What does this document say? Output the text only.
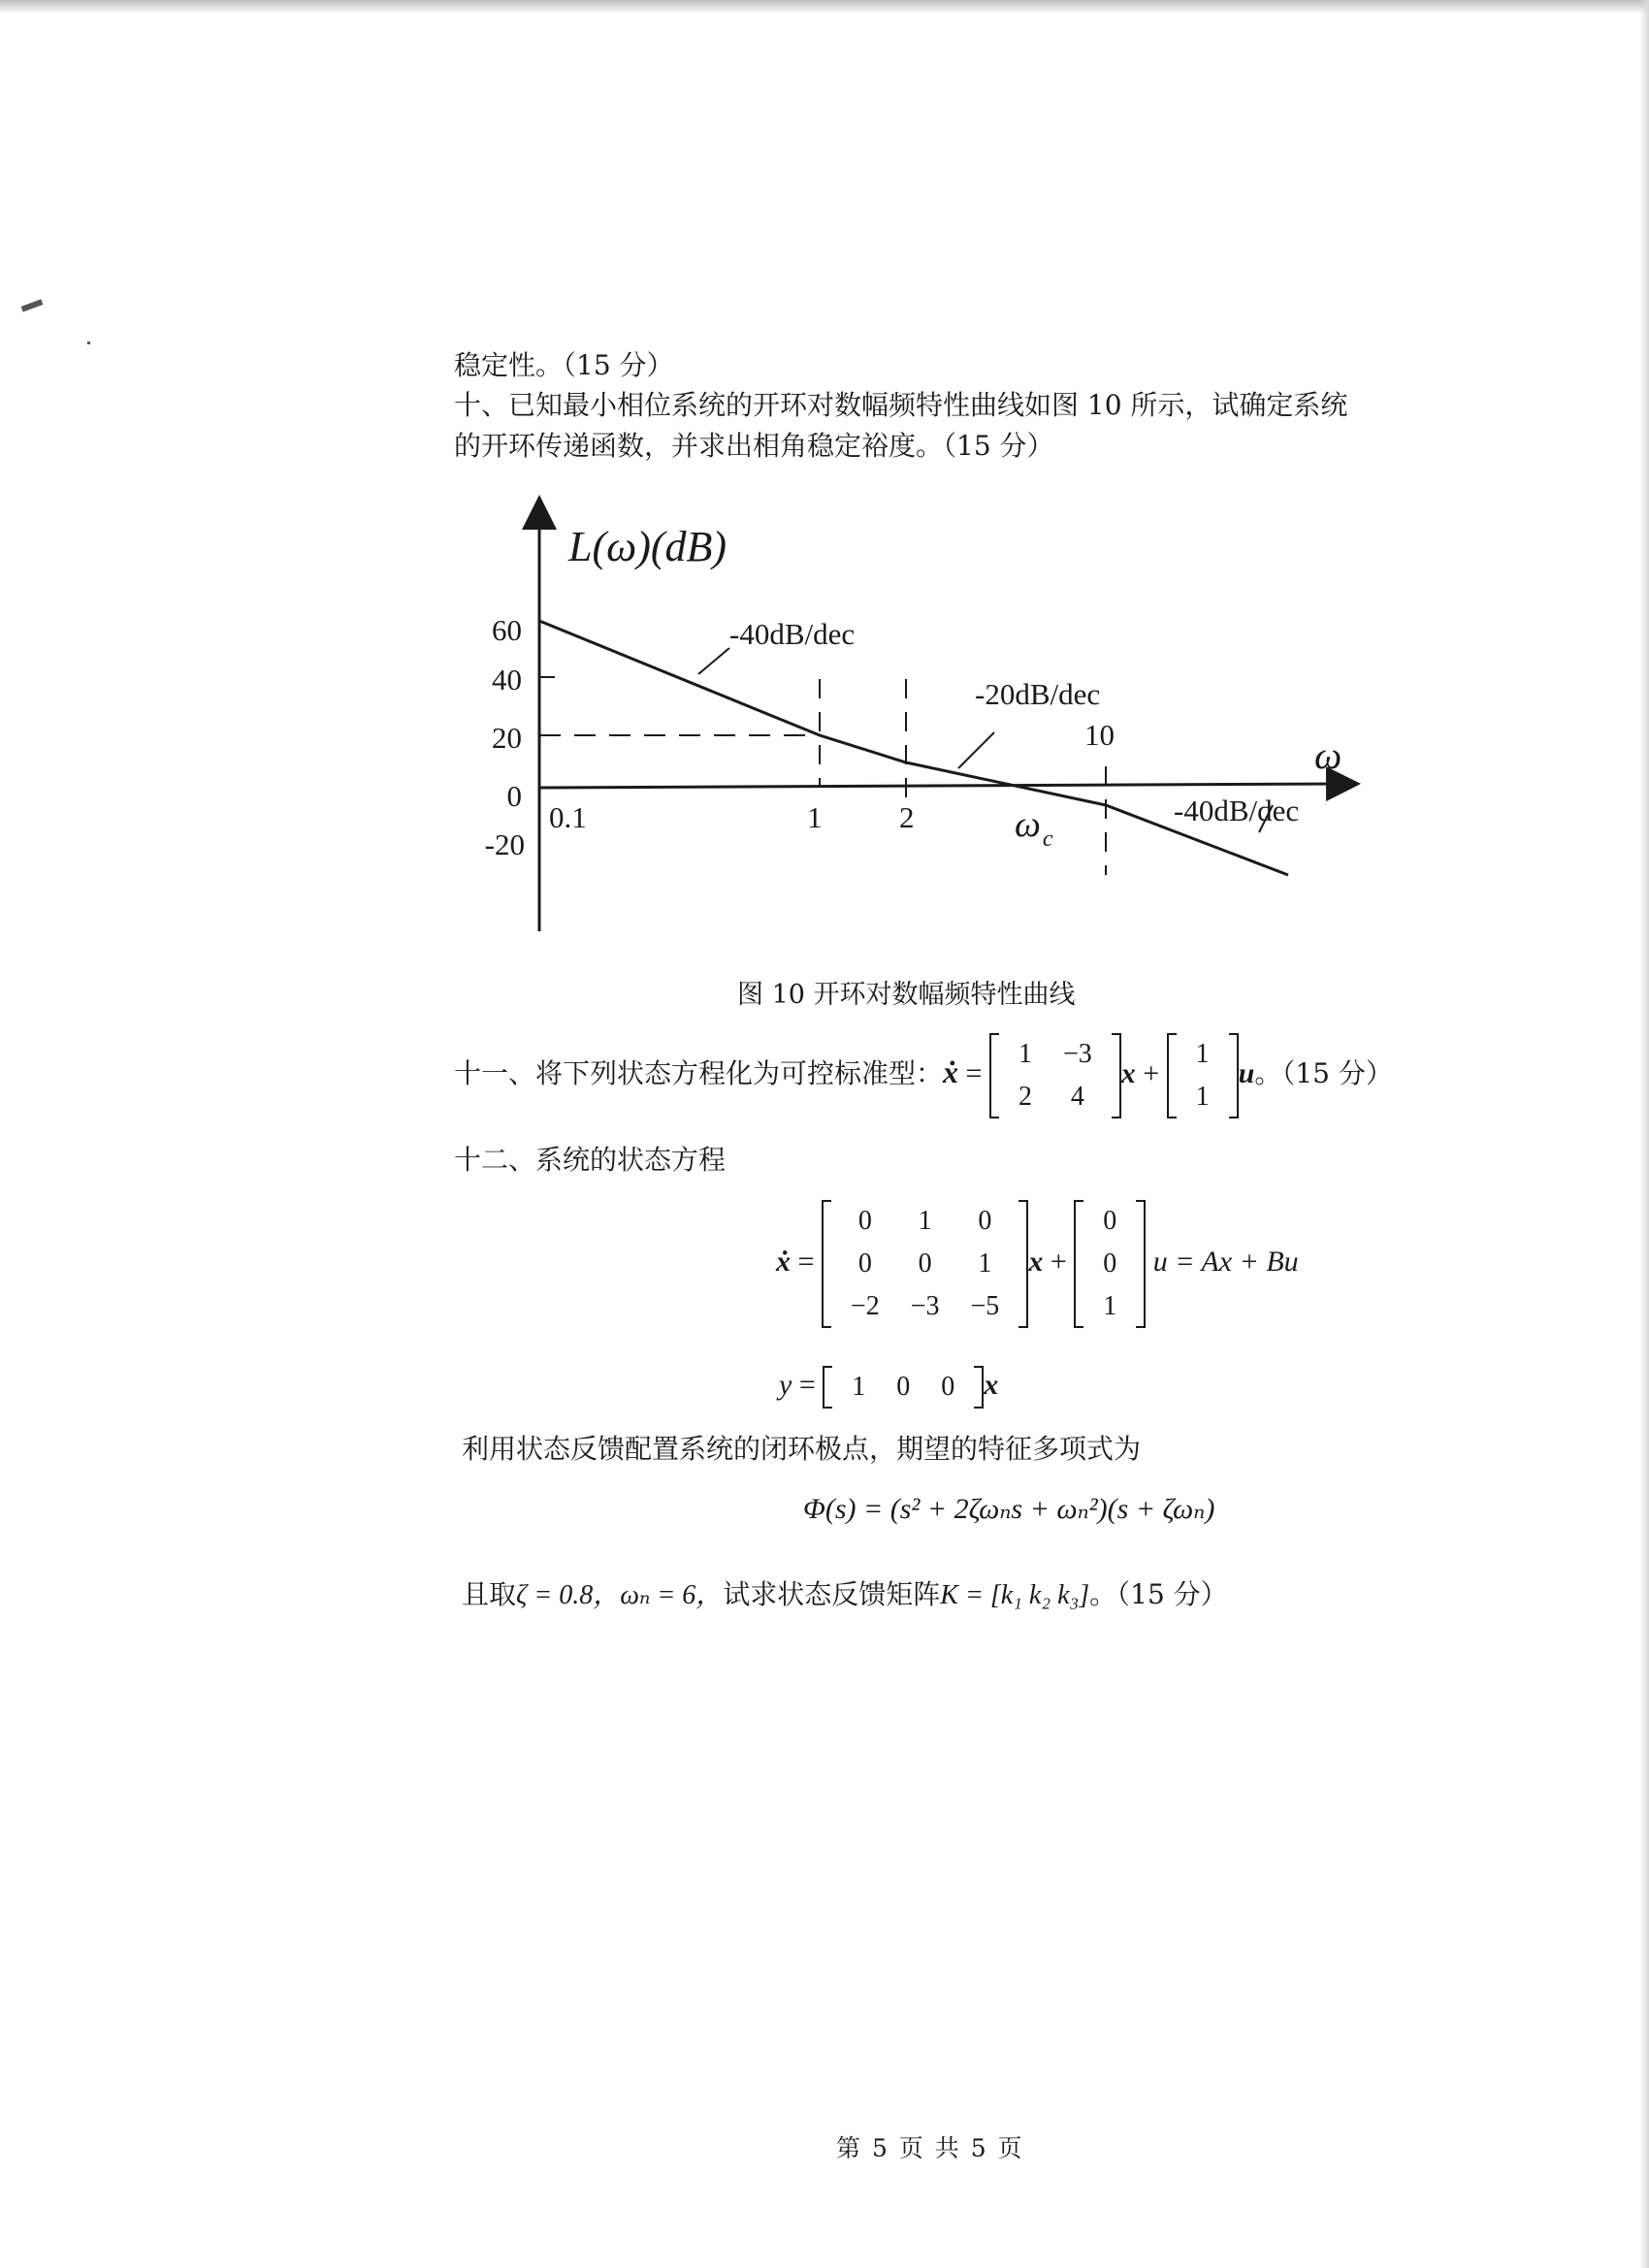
稳定性。（15 分）
十、已知最小相位系统的开环对数幅频特性曲线如图 10 所示，试确定系统
的开环传递函数，并求出相角稳定裕度。（15 分）
L(ω)(dB)
ω
60
40
20
0
-20
0.1	1	2
10
$\omega_c$
-40dB/dec
-20dB/dec
-40dB/dec
图 10 开环对数幅频特性曲线
十一、将下列状态方程化为可控标准型：ẋ =
1	−3
2	4
x +
1
1
u。（15 分）
十二、系统的状态方程
ẋ =
0	1	0
0	0	1
−2	−3	−5
x +
0
0
1
u = Ax + Bu
y = 1	0	0 x
利用状态反馈配置系统的闭环极点，期望的特征多项式为
Φ(s) = (s² + 2ζωₙs + ωₙ²)(s + ζωₙ)
且取ζ = 0.8，ωₙ = 6，试求状态反馈矩阵K = [k₁ k₂ k₃]。（15 分）
第 5 页 共 5 页
